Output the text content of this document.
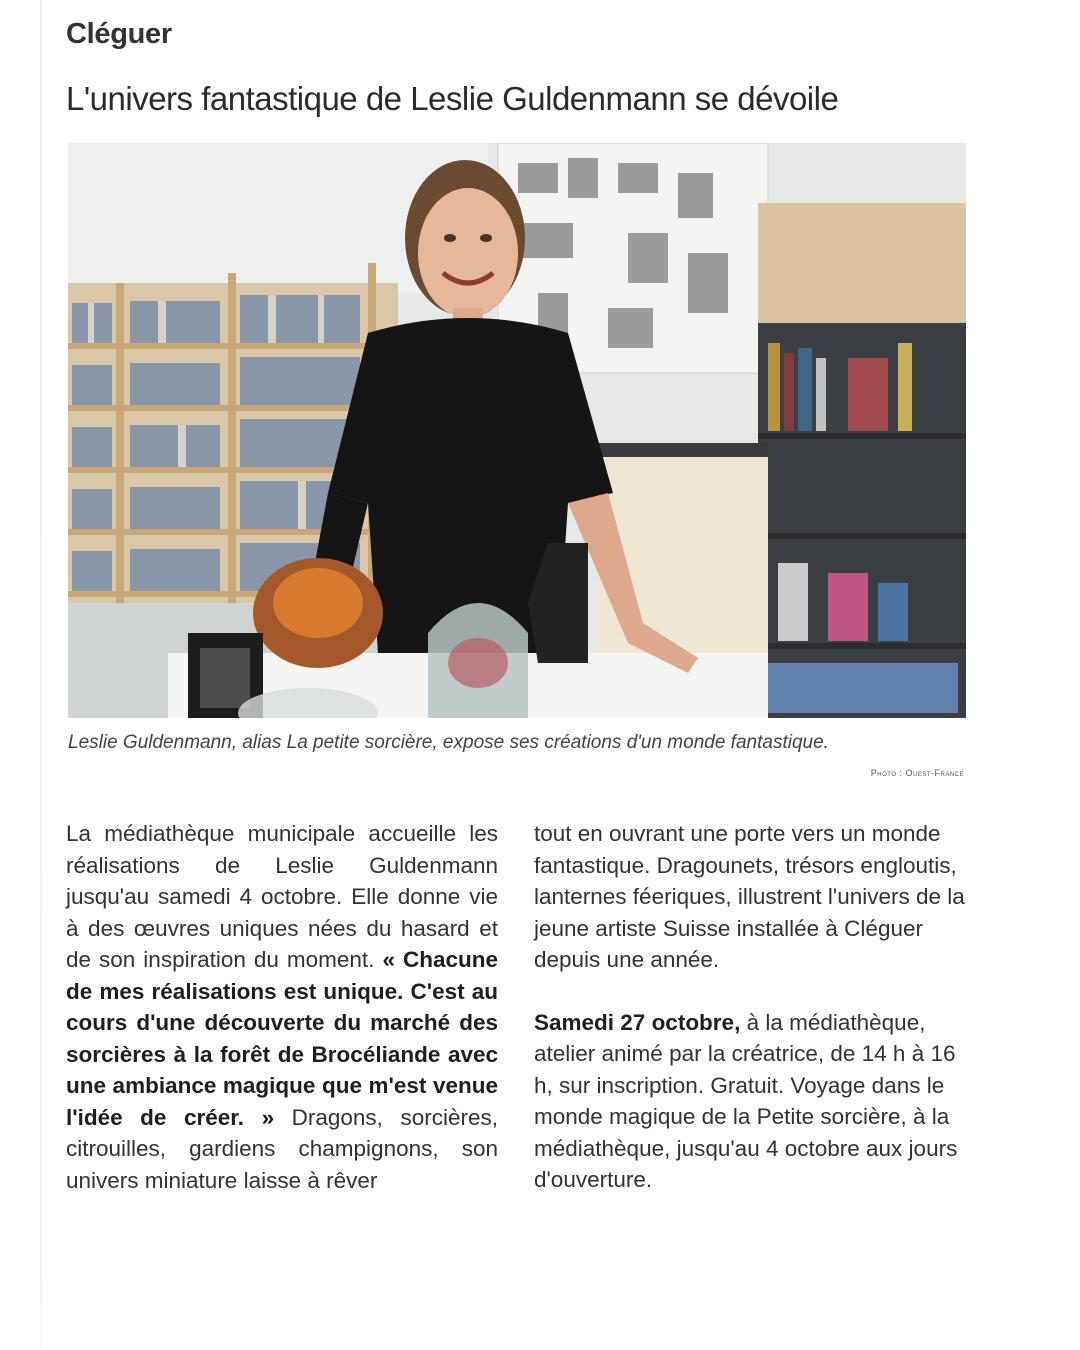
Cléguer
L'univers fantastique de Leslie Guldenmann se dévoile
Leslie Guldenmann, alias La petite sorcière, expose ses créations d'un monde fantastique.
Photo : Ouest-France

La médiathèque municipale accueille les réalisations de Leslie Guldenmann jusqu'au samedi 4 octobre. Elle donne vie à des œuvres uniques nées du hasard et de son inspiration du moment. « Chacune de mes réalisations est unique. C'est au cours d'une découverte du marché des sorcières à la forêt de Brocéliande avec une ambiance magique que m'est venue l'idée de créer. » Dragons, sorcières, citrouilles, gardiens champignons, son univers miniature laisse à rêver

tout en ouvrant une porte vers un monde fantastique. Dragounets, trésors engloutis, lanternes féeriques, illustrent l'univers de la jeune artiste Suisse installée à Cléguer depuis une année.

Samedi 27 octobre, à la médiathèque, atelier animé par la créatrice, de 14 h à 16 h, sur inscription. Gratuit. Voyage dans le monde magique de la Petite sorcière, à la médiathèque, jusqu'au 4 octobre aux jours d'ouverture.
